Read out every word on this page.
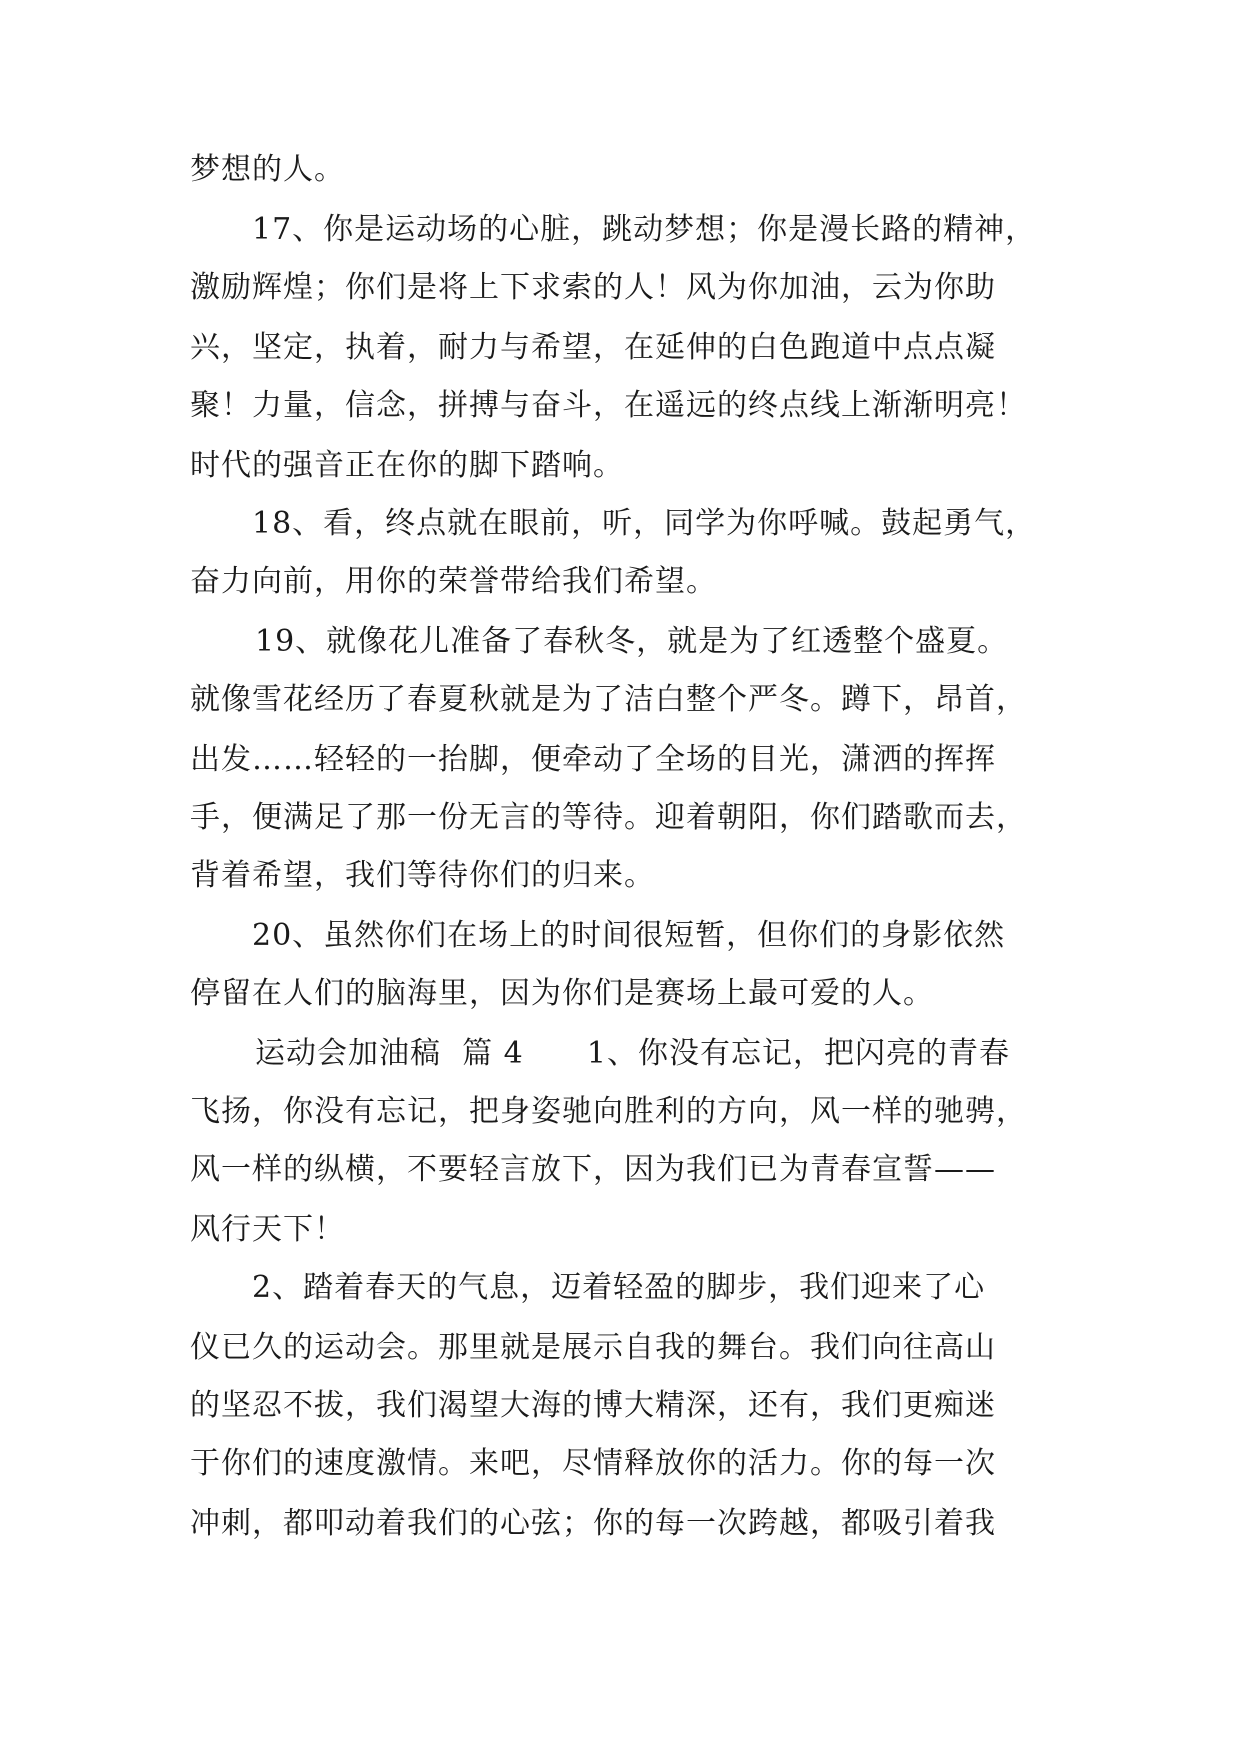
梦想的人。
17、你是运动场的心脏，跳动梦想；你是漫长路的精神，
激励辉煌；你们是将上下求索的人！风为你加油，云为你助
兴，坚定，执着，耐力与希望，在延伸的白色跑道中点点凝
聚！力量，信念，拼搏与奋斗，在遥远的终点线上渐渐明亮！
时代的强音正在你的脚下踏响。
18、看，终点就在眼前，听，同学为你呼喊。鼓起勇气，
奋力向前，用你的荣誉带给我们希望。
19、就像花儿准备了春秋冬，就是为了红透整个盛夏。
就像雪花经历了春夏秋就是为了洁白整个严冬。蹲下，昂首，
出发……轻轻的一抬脚，便牵动了全场的目光，潇洒的挥挥
手，便满足了那一份无言的等待。迎着朝阳，你们踏歌而去，
背着希望，我们等待你们的归来。
20、虽然你们在场上的时间很短暂，但你们的身影依然
停留在人们的脑海里，因为你们是赛场上最可爱的人。
运动会加油稿  篇 4      1、你没有忘记，把闪亮的青春
飞扬，你没有忘记，把身姿驰向胜利的方向，风一样的驰骋，
风一样的纵横，不要轻言放下，因为我们已为青春宣誓——
风行天下！
2、踏着春天的气息，迈着轻盈的脚步，我们迎来了心
仪已久的运动会。那里就是展示自我的舞台。我们向往高山
的坚忍不拔，我们渴望大海的博大精深，还有，我们更痴迷
于你们的速度激情。来吧，尽情释放你的活力。你的每一次
冲刺，都叩动着我们的心弦；你的每一次跨越，都吸引着我
